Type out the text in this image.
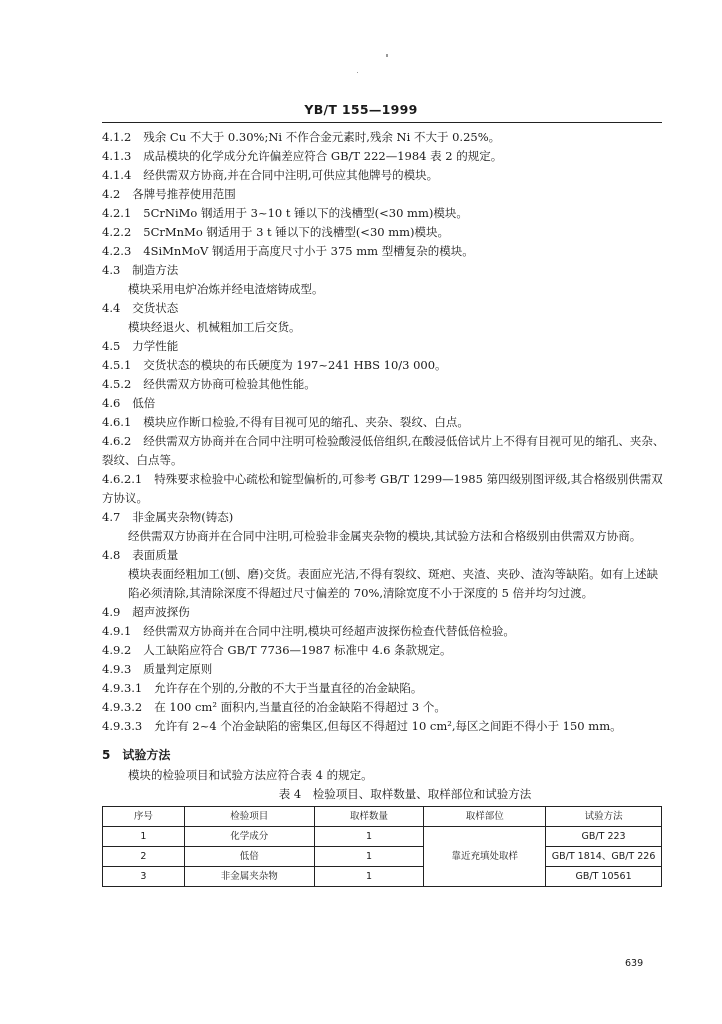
YB/T 155—1999
4.1.2 残余 Cu 不大于 0.30%;Ni 不作合金元素时,残余 Ni 不大于 0.25%。
4.1.3 成品模块的化学成分允许偏差应符合 GB/T 222—1984 表 2 的规定。
4.1.4 经供需双方协商,并在合同中注明,可供应其他牌号的模块。
4.2 各牌号推荐使用范围
4.2.1 5CrNiMo 钢适用于 3~10 t 锤以下的浅槽型(<30 mm)模块。
4.2.2 5CrMnMo 钢适用于 3 t 锤以下的浅槽型(<30 mm)模块。
4.2.3 4SiMnMoV 钢适用于高度尺寸小于 375 mm 型槽复杂的模块。
4.3 制造方法
模块采用电炉冶炼并经电渣熔铸成型。
4.4 交货状态
模块经退火、机械粗加工后交货。
4.5 力学性能
4.5.1 交货状态的模块的布氏硬度为 197~241 HBS 10/3 000。
4.5.2 经供需双方协商可检验其他性能。
4.6 低倍
4.6.1 模块应作断口检验,不得有目视可见的缩孔、夹杂、裂纹、白点。
4.6.2 经供需双方协商并在合同中注明可检验酸浸低倍组织,在酸浸低倍试片上不得有目视可见的缩孔、夹杂、裂纹、白点等。
4.6.2.1 特殊要求检验中心疏松和锭型偏析的,可参考 GB/T 1299—1985 第四级别图评级,其合格级别供需双方协议。
4.7 非金属夹杂物(铸态)
经供需双方协商并在合同中注明,可检验非金属夹杂物的模块,其试验方法和合格级别由供需双方协商。
4.8 表面质量
模块表面经粗加工(刨、磨)交货。表面应光洁,不得有裂纹、斑疤、夹渣、夹砂、渣沟等缺陷。如有上述缺陷必须清除,其清除深度不得超过尺寸偏差的 70%,清除宽度不小于深度的 5 倍并均匀过渡。
4.9 超声波探伤
4.9.1 经供需双方协商并在合同中注明,模块可经超声波探伤检查代替低倍检验。
4.9.2 人工缺陷应符合 GB/T 7736—1987 标准中 4.6 条款规定。
4.9.3 质量判定原则
4.9.3.1 允许存在个别的,分散的不大于当量直径的冶金缺陷。
4.9.3.2 在 100 cm² 面积内,当量直径的冶金缺陷不得超过 3 个。
4.9.3.3 允许有 2~4 个冶金缺陷的密集区,但每区不得超过 10 cm²,每区之间距不得小于 150 mm。
5　试验方法
模块的检验项目和试验方法应符合表 4 的规定。
表 4　检验项目、取样数量、取样部位和试验方法
序号	检验项目	取样数量	取样部位	试验方法
1	化学成分	1	靠近充填处取样	GB/T 223
2	低倍	1		GB/T 1814、GB/T 226
3	非金属夹杂物	1		GB/T 10561
639
